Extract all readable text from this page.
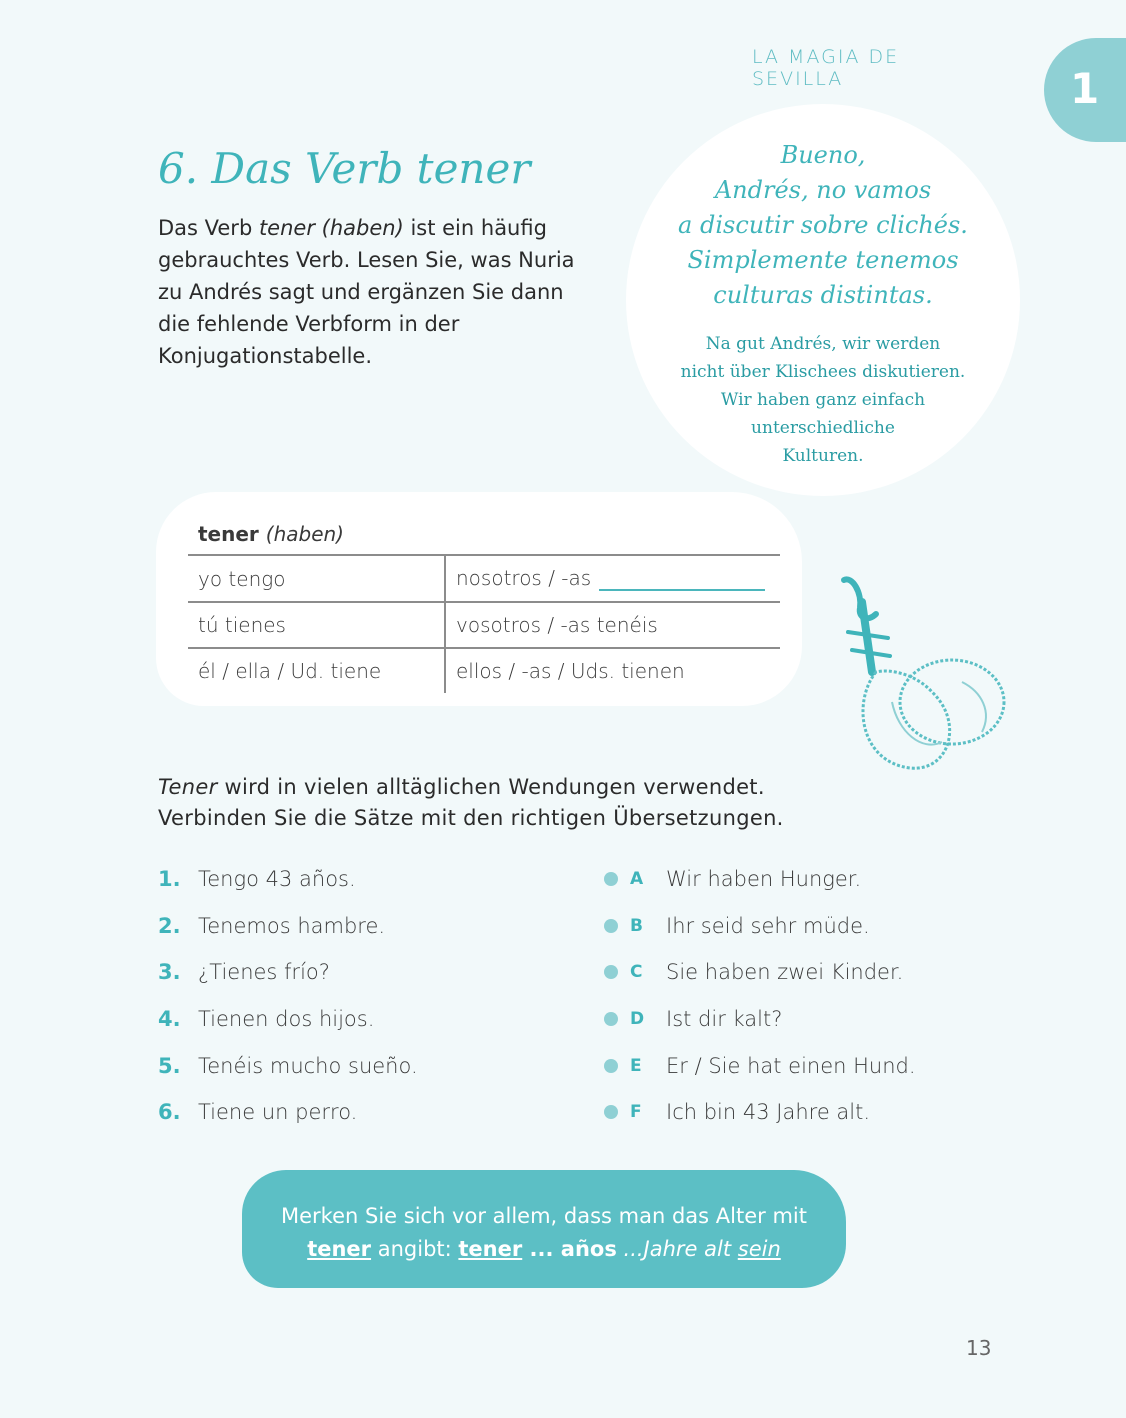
LA MAGIA DE SEVILLA	1
6. Das Verb tener
Das Verb tener (haben) ist ein häufig gebrauchtes Verb. Lesen Sie, was Nuria zu Andrés sagt und ergänzen Sie dann die fehlende Verbform in der Konjugationstabelle.
Bueno,
Andrés, no vamos
a discutir sobre clichés.
Simplemente tenemos
culturas distintas.
Na gut Andrés, wir werden
nicht über Klischees diskutieren.
Wir haben ganz einfach
unterschiedliche
Kulturen.
tener (haben)	
yo tengo	nosotros / -as
tú tienes	vosotros / -as tenéis
él / ella / Ud. tiene	ellos / -as / Uds. tienen
Tener wird in vielen alltäglichen Wendungen verwendet. Verbinden Sie die Sätze mit den richtigen Übersetzungen.
1. Tengo 43 años.
2. Tenemos hambre.
3. ¿Tienes frío?
4. Tienen dos hijos.
5. Tenéis mucho sueño.
6. Tiene un perro.
A	Wir haben Hunger.
B	Ihr seid sehr müde.
C	Sie haben zwei Kinder.
D	Ist dir kalt?
E	Er / Sie hat einen Hund.
F	Ich bin 43 Jahre alt.
Merken Sie sich vor allem, dass man das Alter mit
tener angibt: tener ... años ...Jahre alt sein
13
